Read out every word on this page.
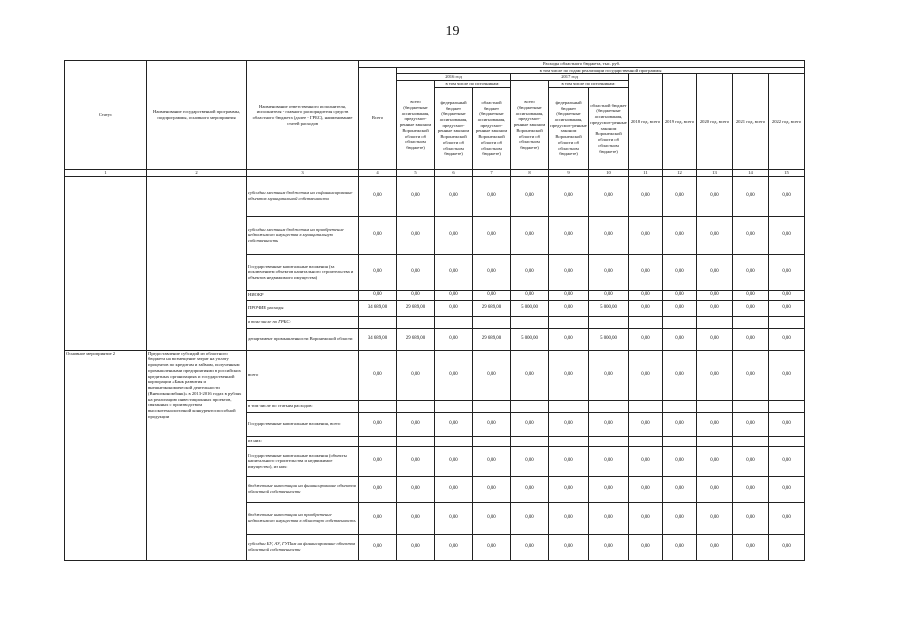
19
Статус	Наименование государственной программы, подпрограммы, основного мероприятия	Наименование ответственного исполнителя, исполнителя - главного распорядителя средств областного бюджета (далее - ГРБС), наименование статей расходов	Расходы областного бюджета, тыс. руб.											
			Всего	в том числе по годам реализации государственной программы										
				2016 год			2017 год			2018 год, всего	2019 год, всего	2020 год, всего	2021 год, всего	2022 год, всего
				всего (бюджетные ассигнования, предусмот-ренные законом Воронежской области об областном бюджете)	в том числе по источникам:		всего (бюджетные ассигнования, предусмот-ренные законом Воронежской области об областном бюджете)	в том числе по источникам:						
					федеральный бюджет (бюджетные ассигнования, предусмот-ренные законом Воронежской области об областном бюджете)	областной бюджет (бюджетные ассигнования, предусмот-ренные законом Воронежской области об областном бюджете)		федеральный бюджет (бюджетные ассигнования, предусмот-ренные законом Воронежской области об областном бюджете)	областной бюджет (бюджетные ассигнования, предусмот-ренные законом Воронежской области об областном бюджете)					
1	2	3	4	5	6	7	8	9	10	11	12	13	14	15
		субсидии местным бюджетам на софинансирование объектов муниципальной собственности	0,00	0,00	0,00	0,00	0,00	0,00	0,00	0,00	0,00	0,00	0,00	0,00
		субсидии местным бюджетам на приобретение недвижимого имущества в муниципальную собственность	0,00	0,00	0,00	0,00	0,00	0,00	0,00	0,00	0,00	0,00	0,00	0,00
		Государственные капитальные вложения (за исключением объектов капитального строительства и объектов недвижимого имущества)	0,00	0,00	0,00	0,00	0,00	0,00	0,00	0,00	0,00	0,00	0,00	0,00
		НИОКР	0,00	0,00	0,00	0,00	0,00	0,00	0,00	0,00	0,00	0,00	0,00	0,00
		ПРОЧИЕ расходы	34 689,00	29 689,00	0,00	29 689,00	5 000,00	0,00	5 000,00	0,00	0,00	0,00	0,00	0,00
		в том числе по ГРБС:												
		департамент промышленности Воронежской области	34 689,00	29 689,00	0,00	29 689,00	5 000,00	0,00	5 000,00	0,00	0,00	0,00	0,00	0,00
Основное мероприятие 2	Предоставление субсидий из областного бюджета на возмещение затрат на уплату процентов по кредитам и займам, полученным промышленными предприятиями в российских кредитных организациях и государственной корпорации «Банк развития и внешнеэкономической деятельности (Внешэкономбанк)» в 2013-2016 годах в рублях на реализацию инвестиционных проектов, связанных с производством высокотехнологичной конкурентоспособной продукции	всего	0,00	0,00	0,00	0,00	0,00	0,00	0,00	0,00	0,00	0,00	0,00	0,00
		в том числе по статьям расходов:												
		Государственные капитальные вложения, всего	0,00	0,00	0,00	0,00	0,00	0,00	0,00	0,00	0,00	0,00	0,00	0,00
		из них:												
		Государственные капитальные вложения (объекты капитального строительства и недвижимое имущество), из них:	0,00	0,00	0,00	0,00	0,00	0,00	0,00	0,00	0,00	0,00	0,00	0,00
		бюджетные инвестиции на финансирование объектов областной собственности	0,00	0,00	0,00	0,00	0,00	0,00	0,00	0,00	0,00	0,00	0,00	0,00
		бюджетные инвестиции на приобретение недвижимого имущества в областную собственность	0,00	0,00	0,00	0,00	0,00	0,00	0,00	0,00	0,00	0,00	0,00	0,00
		субсидии БУ, АУ, ГУПам на финансирование объектов областной собственности	0,00	0,00	0,00	0,00	0,00	0,00	0,00	0,00	0,00	0,00	0,00	0,00
